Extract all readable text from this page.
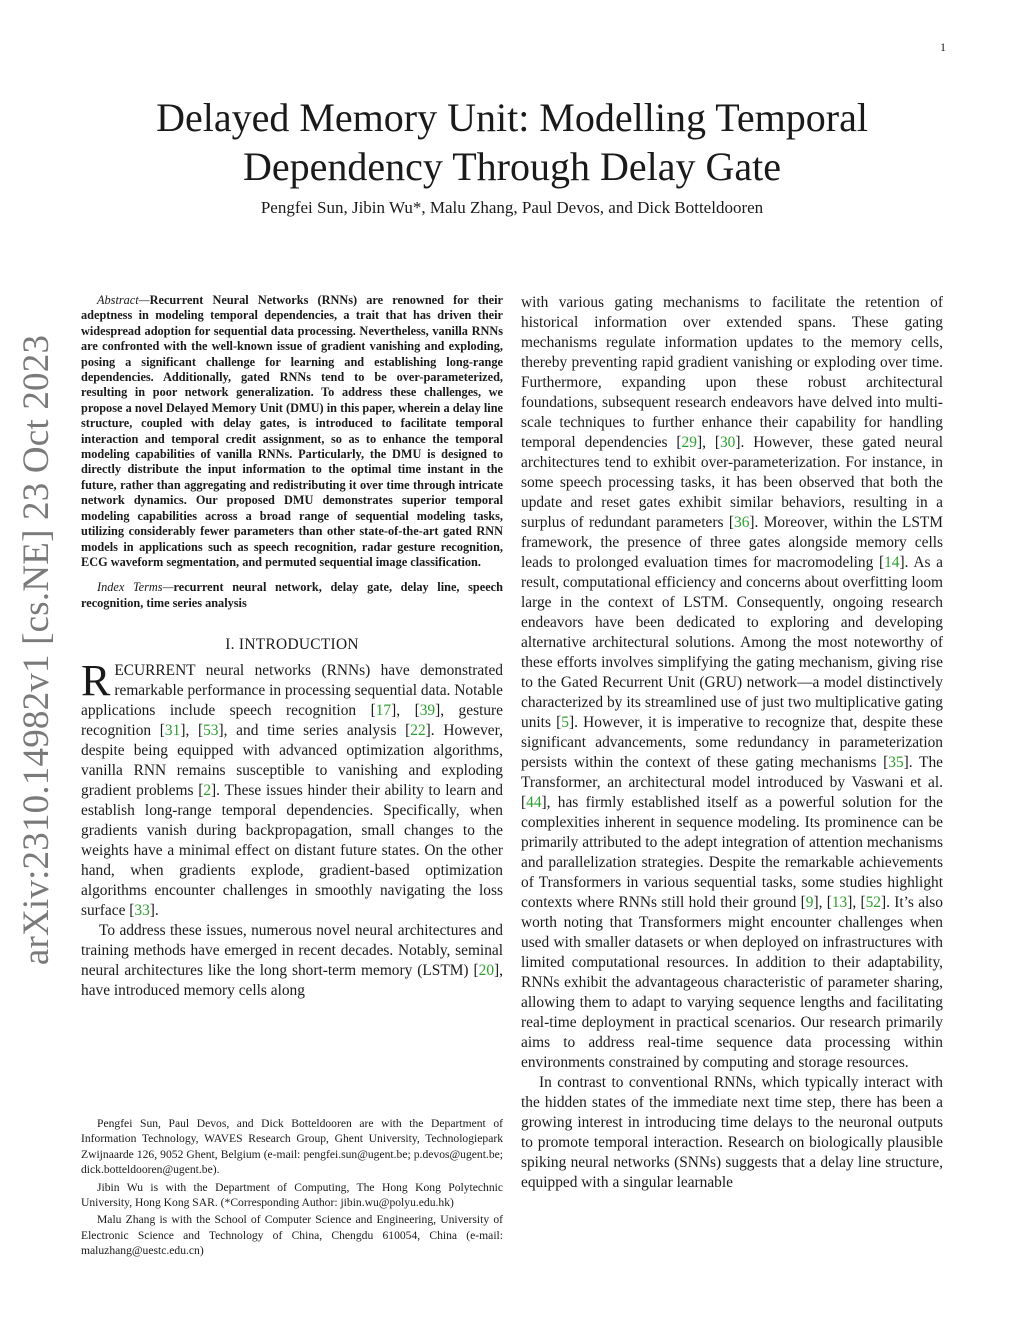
1
arXiv:2310.14982v1 [cs.NE] 23 Oct 2023
Delayed Memory Unit: Modelling Temporal Dependency Through Delay Gate
Pengfei Sun, Jibin Wu*, Malu Zhang, Paul Devos, and Dick Botteldooren

Abstract—Recurrent Neural Networks (RNNs) are renowned for their adeptness in modeling temporal dependencies, a trait that has driven their widespread adoption for sequential data processing. Nevertheless, vanilla RNNs are confronted with the well-known issue of gradient vanishing and exploding, posing a significant challenge for learning and establishing long-range dependencies. Additionally, gated RNNs tend to be over-parameterized, resulting in poor network generalization. To address these challenges, we propose a novel Delayed Memory Unit (DMU) in this paper, wherein a delay line structure, coupled with delay gates, is introduced to facilitate temporal interaction and temporal credit assignment, so as to enhance the temporal modeling capabilities of vanilla RNNs. Particularly, the DMU is designed to directly distribute the input information to the optimal time instant in the future, rather than aggregating and redistributing it over time through intricate network dynamics. Our proposed DMU demonstrates superior temporal modeling capabilities across a broad range of sequential modeling tasks, utilizing considerably fewer parameters than other state-of-the-art gated RNN models in applications such as speech recognition, radar gesture recognition, ECG waveform segmentation, and permuted sequential image classification.

Index Terms—recurrent neural network, delay gate, delay line, speech recognition, time series analysis

I. INTRODUCTION

RECURRENT neural networks (RNNs) have demonstrated remarkable performance in processing sequential data. Notable applications include speech recognition [17], [39], gesture recognition [31], [53], and time series analysis [22]. However, despite being equipped with advanced optimization algorithms, vanilla RNN remains susceptible to vanishing and exploding gradient problems [2]. These issues hinder their ability to learn and establish long-range temporal dependencies. Specifically, when gradients vanish during backpropagation, small changes to the weights have a minimal effect on distant future states. On the other hand, when gradients explode, gradient-based optimization algorithms encounter challenges in smoothly navigating the loss surface [33].

To address these issues, numerous novel neural architectures and training methods have emerged in recent decades. Notably, seminal neural architectures like the long short-term memory (LSTM) [20], have introduced memory cells along

with various gating mechanisms to facilitate the retention of historical information over extended spans. These gating mechanisms regulate information updates to the memory cells, thereby preventing rapid gradient vanishing or exploding over time. Furthermore, expanding upon these robust architectural foundations, subsequent research endeavors have delved into multi-scale techniques to further enhance their capability for handling temporal dependencies [29], [30]. However, these gated neural architectures tend to exhibit over-parameterization. For instance, in some speech processing tasks, it has been observed that both the update and reset gates exhibit similar behaviors, resulting in a surplus of redundant parameters [36]. Moreover, within the LSTM framework, the presence of three gates alongside memory cells leads to prolonged evaluation times for macromodeling [14]. As a result, computational efficiency and concerns about overfitting loom large in the context of LSTM. Consequently, ongoing research endeavors have been dedicated to exploring and developing alternative architectural solutions. Among the most noteworthy of these efforts involves simplifying the gating mechanism, giving rise to the Gated Recurrent Unit (GRU) network—a model distinctively characterized by its streamlined use of just two multiplicative gating units [5]. However, it is imperative to recognize that, despite these significant advancements, some redundancy in parameterization persists within the context of these gating mechanisms [35]. The Transformer, an architectural model introduced by Vaswani et al. [44], has firmly established itself as a powerful solution for the complexities inherent in sequence modeling. Its prominence can be primarily attributed to the adept integration of attention mechanisms and parallelization strategies. Despite the remarkable achievements of Transformers in various sequential tasks, some studies highlight contexts where RNNs still hold their ground [9], [13], [52]. It’s also worth noting that Transformers might encounter challenges when used with smaller datasets or when deployed on infrastructures with limited computational resources. In addition to their adaptability, RNNs exhibit the advantageous characteristic of parameter sharing, allowing them to adapt to varying sequence lengths and facilitating real-time deployment in practical scenarios. Our research primarily aims to address real-time sequence data processing within environments constrained by computing and storage resources.

In contrast to conventional RNNs, which typically interact with the hidden states of the immediate next time step, there has been a growing interest in introducing time delays to the neuronal outputs to promote temporal interaction. Research on biologically plausible spiking neural networks (SNNs) suggests that a delay line structure, equipped with a singular learnable

Pengfei Sun, Paul Devos, and Dick Botteldooren are with the Department of Information Technology, WAVES Research Group, Ghent University, Technologiepark Zwijnaarde 126, 9052 Ghent, Belgium (e-mail: pengfei.sun@ugent.be; p.devos@ugent.be; dick.botteldooren@ugent.be).

Jibin Wu is with the Department of Computing, The Hong Kong Polytechnic University, Hong Kong SAR. (*Corresponding Author: jibin.wu@polyu.edu.hk)

Malu Zhang is with the School of Computer Science and Engineering, University of Electronic Science and Technology of China, Chengdu 610054, China (e-mail: maluzhang@uestc.edu.cn)
